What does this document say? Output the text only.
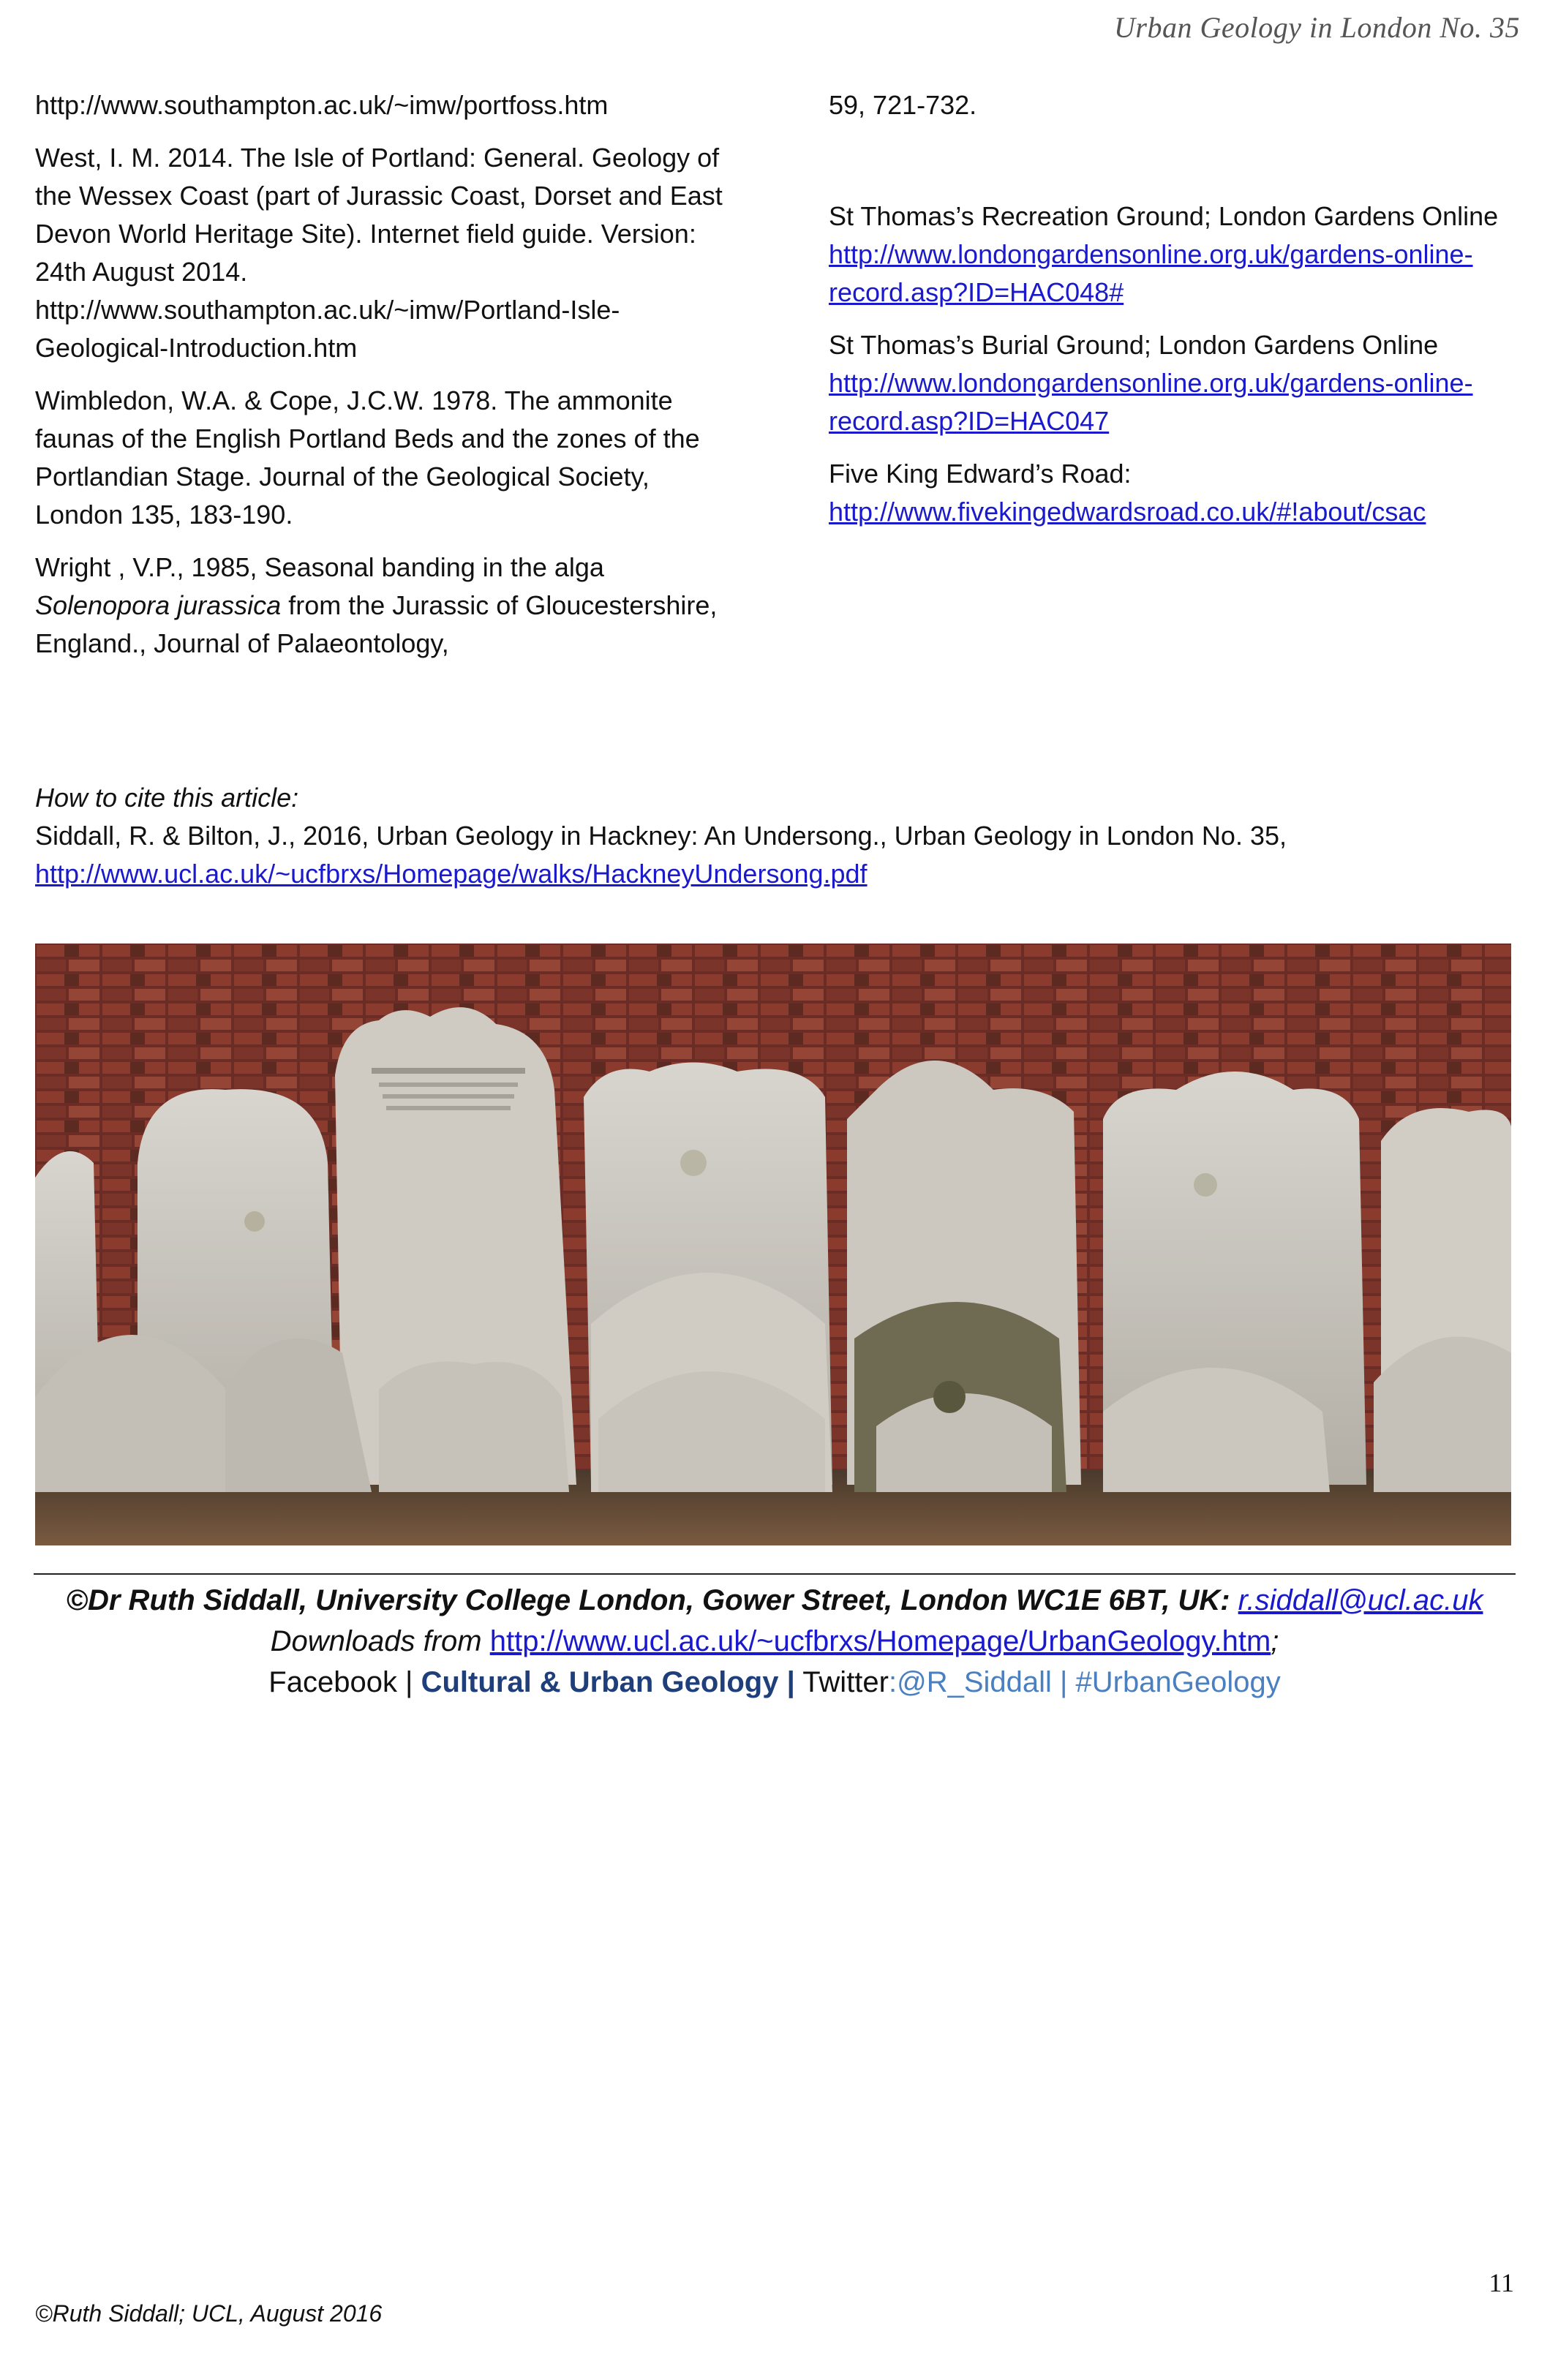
Urban Geology in London No. 35

http://www.southampton.ac.uk/~imw/portfoss.htm

West, I. M. 2014. The Isle of Portland: General. Geology of the Wessex Coast (part of Jurassic Coast, Dorset and East Devon World Heritage Site). Internet field guide. Version: 24th August 2014.

http://www.southampton.ac.uk/~imw/Portland-Isle-Geological-Introduction.htm

Wimbledon, W.A. & Cope, J.C.W. 1978. The ammonite faunas of the English Portland Beds and the zones of the Portlandian Stage. Journal of the Geological Society, London 135, 183-190.

Wright , V.P., 1985, Seasonal banding in the alga Solenopora jurassica from the Jurassic of Gloucestershire, England., Journal of Palaeontology,

59, 721-732.

St Thomas’s Recreation Ground; London Gardens Online

http://www.londongardensonline.org.uk/gardens-online-record.asp?ID=HAC048#

St Thomas’s Burial Ground; London Gardens Online

http://www.londongardensonline.org.uk/gardens-online-record.asp?ID=HAC047

Five King Edward’s Road:

http://www.fivekingedwardsroad.co.uk/#!about/csac

How to cite this article:
Siddall, R. & Bilton, J., 2016, Urban Geology in Hackney: An Undersong., Urban Geology in London No. 35,
http://www.ucl.ac.uk/~ucfbrxs/Homepage/walks/HackneyUndersong.pdf
©Dr Ruth Siddall, University College London, Gower Street, London WC1E 6BT, UK: r.siddall@ucl.ac.uk
Downloads from http://www.ucl.ac.uk/~ucfbrxs/Homepage/UrbanGeology.htm;
Facebook | Cultural & Urban Geology | Twitter:@R_Siddall | #UrbanGeology
11
©Ruth Siddall; UCL, August 2016
